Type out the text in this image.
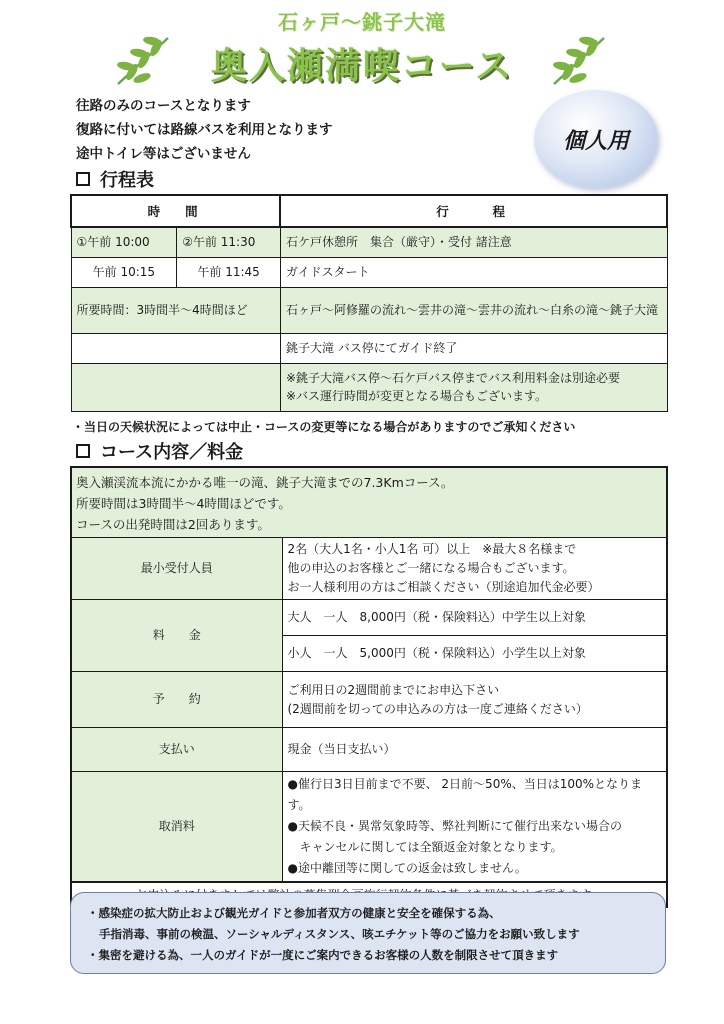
石ヶ戸〜銚子大滝
奥入瀬満喫コース
往路のみのコースとなります
復路に付いては路線バスを利用となります
途中トイレ等はございません
個人用
行程表
時　間		行　　程
①午前 10:00	②午前 11:30	石ケ戸休憩所　集合（厳守）・受付 諸注意
午前 10:15	午前 11:45	ガイドスタート
所要時間：3時間半〜4時間ほど		石ヶ戸〜阿修羅の流れ〜雲井の滝〜雲井の流れ〜白糸の滝〜銚子大滝
		銚子大滝 バス停にてガイド終了

		※銚子大滝バス停〜石ケ戸バス停までバス利用料金は別途必要
※バス運行時間が変更となる場合もございます。
・当日の天候状況によっては中止・コースの変更等になる場合がありますのでご承知ください
コース内容／料金
奥入瀬渓流本流にかかる唯一の滝、銚子大滝までの7.3Kmコース。
所要時間は3時間半〜4時間ほどです。
コースの出発時間は2回あります。
最小受付人員	2名（大人1名・小人1名 可）以上　※最大８名様まで
他の申込のお客様とご一緒になる場合もございます。
お一人様利用の方はご相談ください（別途追加代金必要）

料　　金	大人　一人　8,000円（税・保険料込）中学生以上対象
	小人　一人　5,000円（税・保険料込）小学生以上対象
予　　約	ご利用日の2週間前までにお申込下さい
(2週間前を切っての申込みの方は一度ご連絡ください）

支払い	現金（当日支払い）
取消料	●催行日3日目前まで不要、 2日前〜50%、当日は100%となります。
●天候不良・異常気象時等、弊社判断にて催行出来ない場合の
　キャンセルに関しては全額返金対象となります。
●途中離団等に関しての返金は致しません。
・感染症の拡大防止および観光ガイドと参加者双方の健康と安全を確保する為、
手指消毒、事前の検温、ソーシャルディスタンス、咳エチケット等のご協力をお願い致します
・集密を避ける為、一人のガイドが一度にご案内できるお客様の人数を制限させて頂きます
